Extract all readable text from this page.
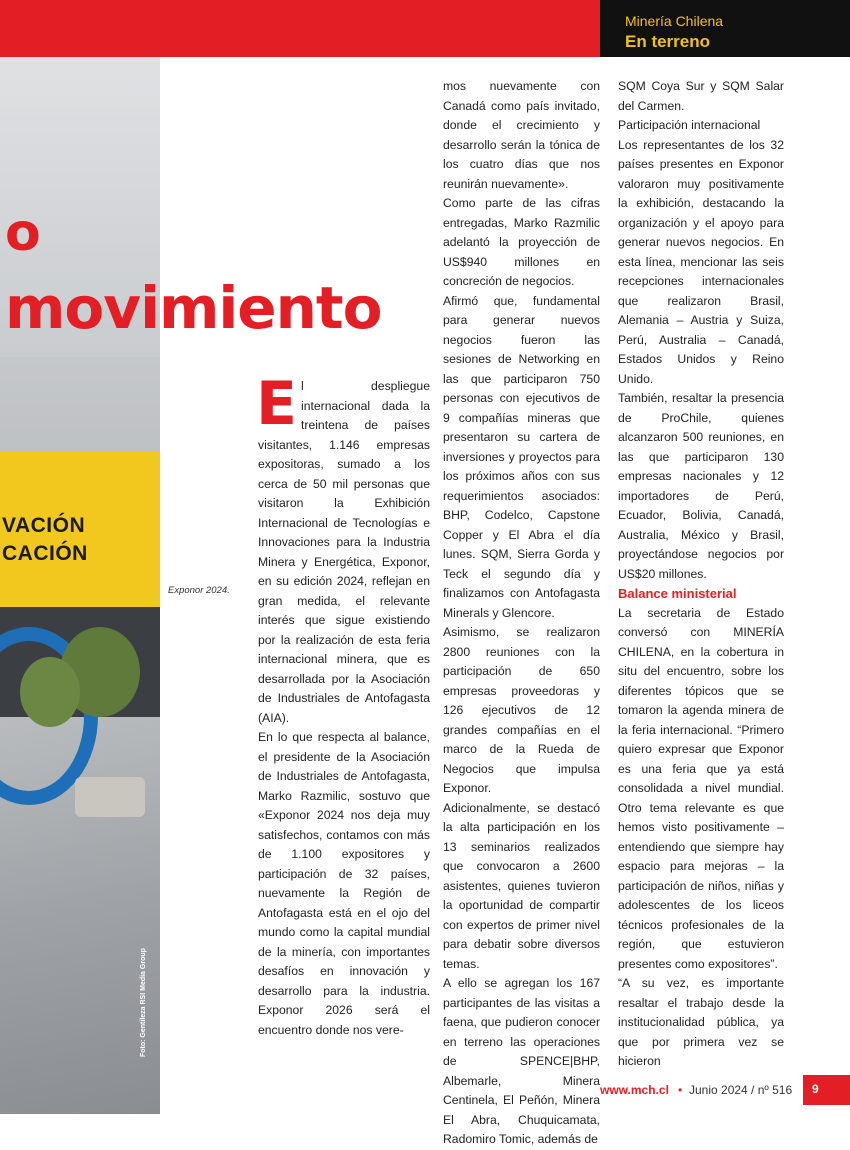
Minería Chilena
En terreno
VACIÓN
CACIÓN
Foto: Gentileza RSI Media Group
o
movimiento
Exponor 2024.

El despliegue internacional dada la treintena de países visitantes, 1.146 empresas expositoras, sumado a los cerca de 50 mil personas que visitaron la Exhibición Internacional de Tecnologías e Innovaciones para la Industria Minera y Energética, Exponor, en su edición 2024, reflejan en gran medida, el relevante interés que sigue existiendo por la realización de esta feria internacional minera, que es desarrollada por la Asociación de Industriales de Antofagasta (AIA).

En lo que respecta al balance, el presidente de la Asociación de Industriales de Antofagasta, Marko Razmilic, sostuvo que «Exponor 2024 nos deja muy satisfechos, contamos con más de 1.100 expositores y participación de 32 países, nuevamente la Región de Antofagasta está en el ojo del mundo como la capital mundial de la minería, con importantes desafíos en innovación y desarrollo para la industria. Exponor 2026 será el encuentro donde nos vere-

mos nuevamente con Canadá como país invitado, donde el crecimiento y desarrollo serán la tónica de los cuatro días que nos reunirán nuevamente».

Como parte de las cifras entregadas, Marko Razmilic adelantó la proyección de US$940 millones en concreción de negocios.

Afirmó que, fundamental para generar nuevos negocios fueron las sesiones de Networking en las que participaron 750 personas con ejecutivos de 9 compañías mineras que presentaron su cartera de inversiones y proyectos para los próximos años con sus requerimientos asociados: BHP, Codelco, Capstone Copper y El Abra el día lunes. SQM, Sierra Gorda y Teck el segundo día y finalizamos con Antofagasta Minerals y Glencore.

Asimismo, se realizaron 2800 reuniones con la participación de 650 empresas proveedoras y 126 ejecutivos de 12 grandes compañías en el marco de la Rueda de Negocios que impulsa Exponor.

Adicionalmente, se destacó la alta participación en los 13 seminarios realizados que convocaron a 2600 asistentes, quienes tuvieron la oportunidad de compartir con expertos de primer nivel para debatir sobre diversos temas.

A ello se agregan los 167 participantes de las visitas a faena, que pudieron conocer en terreno las operaciones de SPENCE|BHP, Albemarle, Minera Centinela, El Peñón, Minera El Abra, Chuquicamata, Radomiro Tomic, además de

SQM Coya Sur y SQM Salar del Carmen.

Participación internacional

Los representantes de los 32 países presentes en Exponor valoraron muy positivamente la exhibición, destacando la organización y el apoyo para generar nuevos negocios. En esta línea, mencionar las seis recepciones internacionales que realizaron Brasil, Alemania – Austria y Suiza, Perú, Australia – Canadá, Estados Unidos y Reino Unido.

También, resaltar la presencia de ProChile, quienes alcanzaron 500 reuniones, en las que participaron 130 empresas nacionales y 12 importadores de Perú, Ecuador, Bolivia, Canadá, Australia, México y Brasil, proyectándose negocios por US$20 millones.

Balance ministerial

La secretaria de Estado conversó con MINERÍA CHILENA, en la cobertura in situ del encuentro, sobre los diferentes tópicos que se tomaron la agenda minera de la feria internacional. “Primero quiero expresar que Exponor es una feria que ya está consolidada a nivel mundial. Otro tema relevante es que hemos visto positivamente – entendiendo que siempre hay espacio para mejoras – la participación de niños, niñas y adolescentes de los liceos técnicos profesionales de la región, que estuvieron presentes como expositores”.

“A su vez, es importante resaltar el trabajo desde la institucionalidad pública, ya que por primera vez se hicieron

www.mch.cl • Junio 2024 / nº 516 9
